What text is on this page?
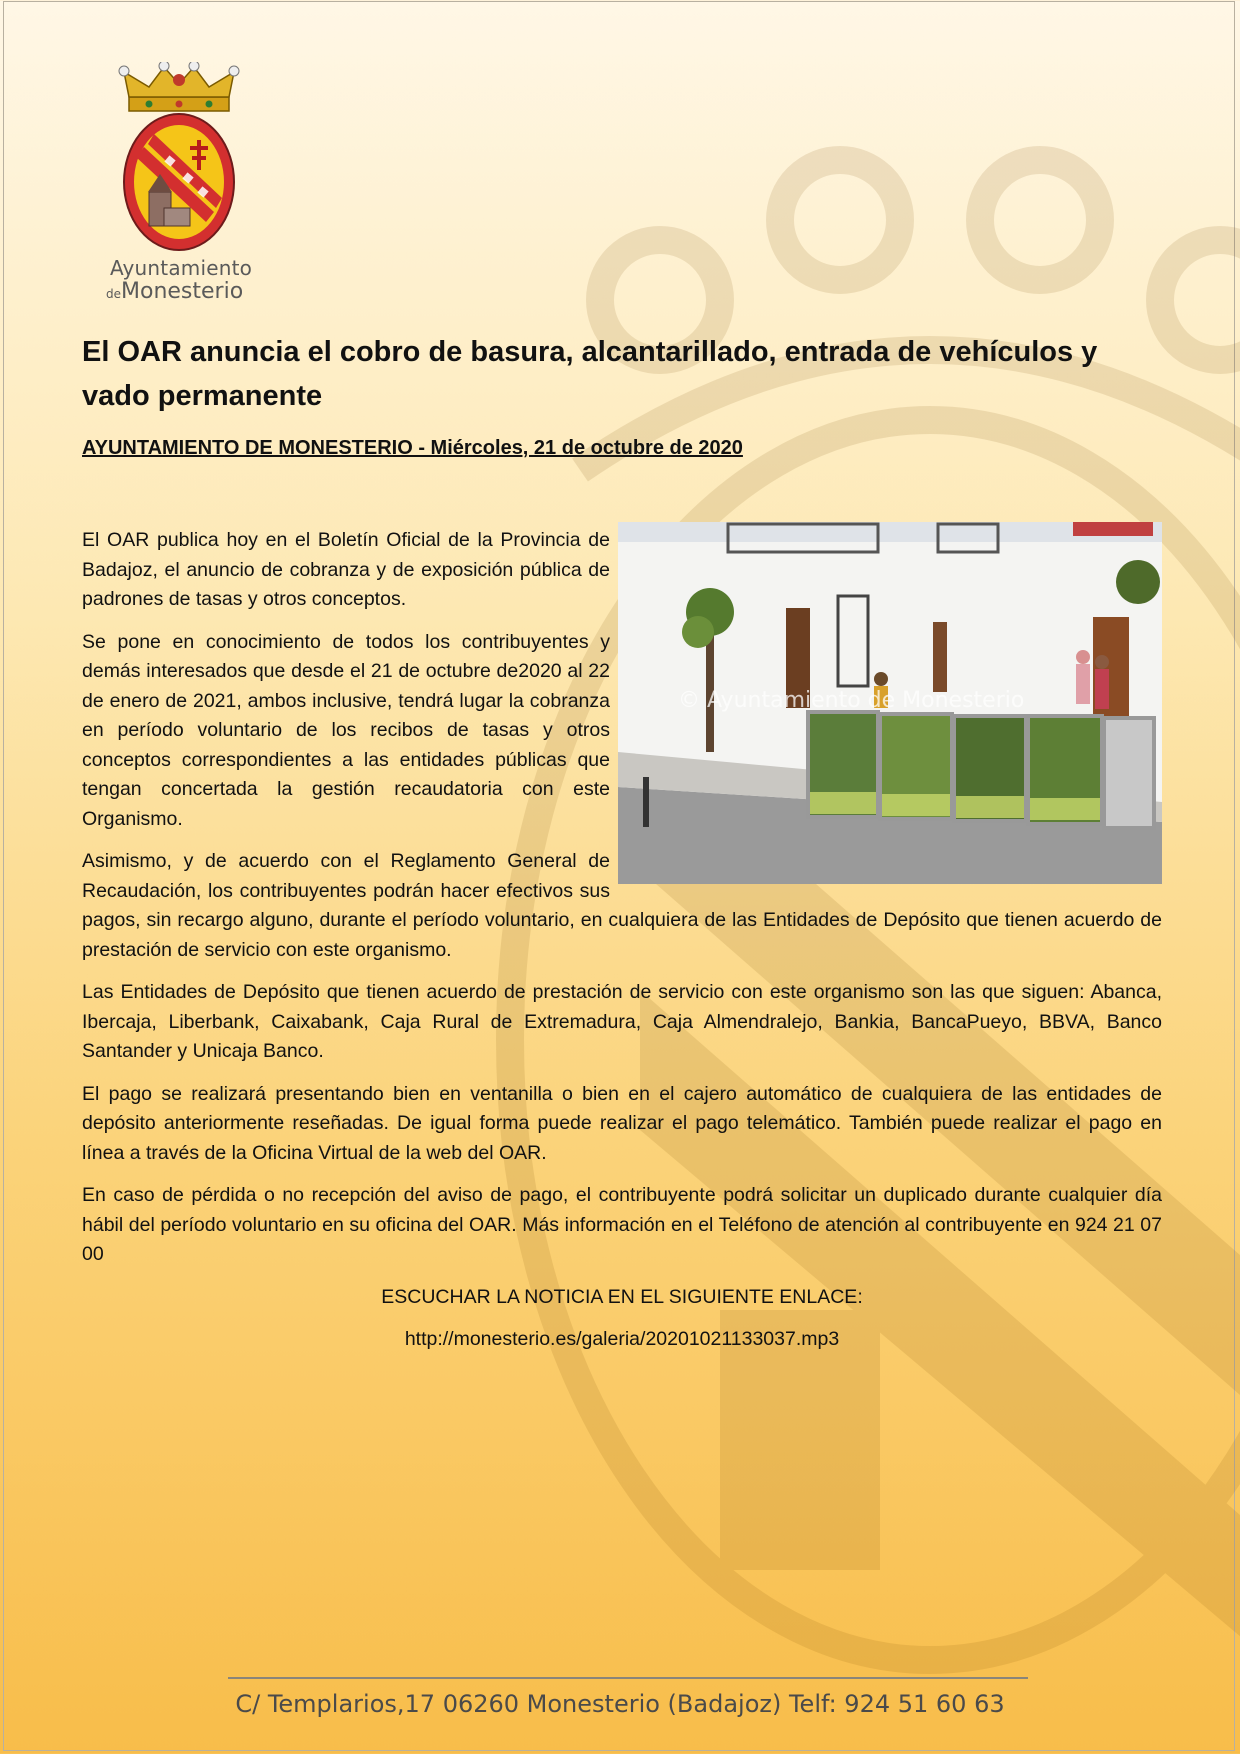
Ayuntamiento
deMonesterio
El OAR anuncia el cobro de basura, alcantarillado, entrada de vehículos y vado permanente

AYUNTAMIENTO DE MONESTERIO - Miércoles, 21 de octubre de 2020

© Ayuntamiento de Monesterio

El OAR publica hoy en el Boletín Oficial de la Provincia de Badajoz, el anuncio de cobranza y de exposición pública de padrones de tasas y otros conceptos.

Se pone en conocimiento de todos los contribuyentes y demás interesados que desde el 21 de octubre de2020 al 22 de enero de 2021, ambos inclusive, tendrá lugar la cobranza en período voluntario de los recibos de tasas y otros conceptos correspondientes a las entidades públicas que tengan concertada la gestión recaudatoria con este Organismo.

Asimismo, y de acuerdo con el Reglamento General de Recaudación, los contribuyentes podrán hacer efectivos sus pagos, sin recargo alguno, durante el período voluntario, en cualquiera de las Entidades de Depósito que tienen acuerdo de prestación de servicio con este organismo.

Las Entidades de Depósito que tienen acuerdo de prestación de servicio con este organismo son las que siguen: Abanca, Ibercaja, Liberbank, Caixabank, Caja Rural de Extremadura, Caja Almendralejo, Bankia, BancaPueyo, BBVA, Banco Santander y Unicaja Banco.

El pago se realizará presentando bien en ventanilla o bien en el cajero automático de cualquiera de las entidades de depósito anteriormente reseñadas. De igual forma puede realizar el pago telemático. También puede realizar el pago en línea a través de la Oficina Virtual de la web del OAR.

En caso de pérdida o no recepción del aviso de pago, el contribuyente podrá solicitar un duplicado durante cualquier día hábil del período voluntario en su oficina del OAR. Más información en el Teléfono de atención al contribuyente en 924 21 07 00

ESCUCHAR LA NOTICIA EN EL SIGUIENTE ENLACE:

http://monesterio.es/galeria/20201021133037.mp3

C/ Templarios,17 06260 Monesterio (Badajoz) Telf: 924 51 60 63
